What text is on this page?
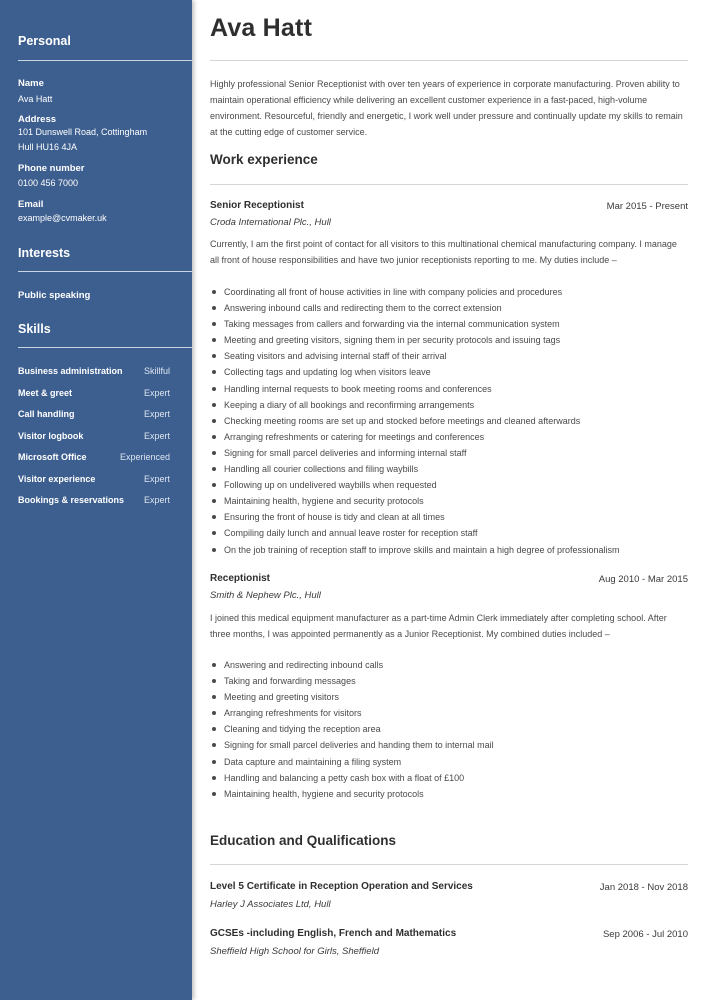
Personal
Name
Ava Hatt
Address
101 Dunswell Road, Cottingham
Hull HU16 4JA
Phone number
0100 456 7000
Email
example@cvmaker.uk
Interests
Public speaking
Skills
Business administration Skillful
Meet & greet	Expert
Call handling	Expert
Visitor logbook	Expert
Microsoft Office	Experienced
Visitor experience	Expert
Bookings & reservations Expert
Ava Hatt
Highly professional Senior Receptionist with over ten years of experience in corporate manufacturing. Proven ability to maintain operational efficiency while delivering an excellent customer experience in a fast-paced, high-volume environment. Resourceful, friendly and energetic, I work well under pressure and continually update my skills to remain at the cutting edge of customer service.
Work experience
Senior Receptionist	Mar 2015 - Present
Croda International Plc., Hull
Currently, I am the first point of contact for all visitors to this multinational chemical manufacturing company. I manage all front of house responsibilities and have two junior receptionists reporting to me. My duties include –
Coordinating all front of house activities in line with company policies and procedures
Answering inbound calls and redirecting them to the correct extension
Taking messages from callers and forwarding via the internal communication system
Meeting and greeting visitors, signing them in per security protocols and issuing tags
Seating visitors and advising internal staff of their arrival
Collecting tags and updating log when visitors leave
Handling internal requests to book meeting rooms and conferences
Keeping a diary of all bookings and reconfirming arrangements
Checking meeting rooms are set up and stocked before meetings and cleaned afterwards
Arranging refreshments or catering for meetings and conferences
Signing for small parcel deliveries and informing internal staff
Handling all courier collections and filing waybills
Following up on undelivered waybills when requested
Maintaining health, hygiene and security protocols
Ensuring the front of house is tidy and clean at all times
Compiling daily lunch and annual leave roster for reception staff
On the job training of reception staff to improve skills and maintain a high degree of professionalism
Receptionist	Aug 2010 - Mar 2015
Smith & Nephew Plc., Hull
I joined this medical equipment manufacturer as a part-time Admin Clerk immediately after completing school. After three months, I was appointed permanently as a Junior Receptionist. My combined duties included –
Answering and redirecting inbound calls
Taking and forwarding messages
Meeting and greeting visitors
Arranging refreshments for visitors
Cleaning and tidying the reception area
Signing for small parcel deliveries and handing them to internal mail
Data capture and maintaining a filing system
Handling and balancing a petty cash box with a float of £100
Maintaining health, hygiene and security protocols
Education and Qualifications
Level 5 Certificate in Reception Operation and Services	Jan 2018 - Nov 2018
Harley J Associates Ltd, Hull
GCSEs -including English, French and Mathematics	Sep 2006 - Jul 2010
Sheffield High School for Girls, Sheffield
